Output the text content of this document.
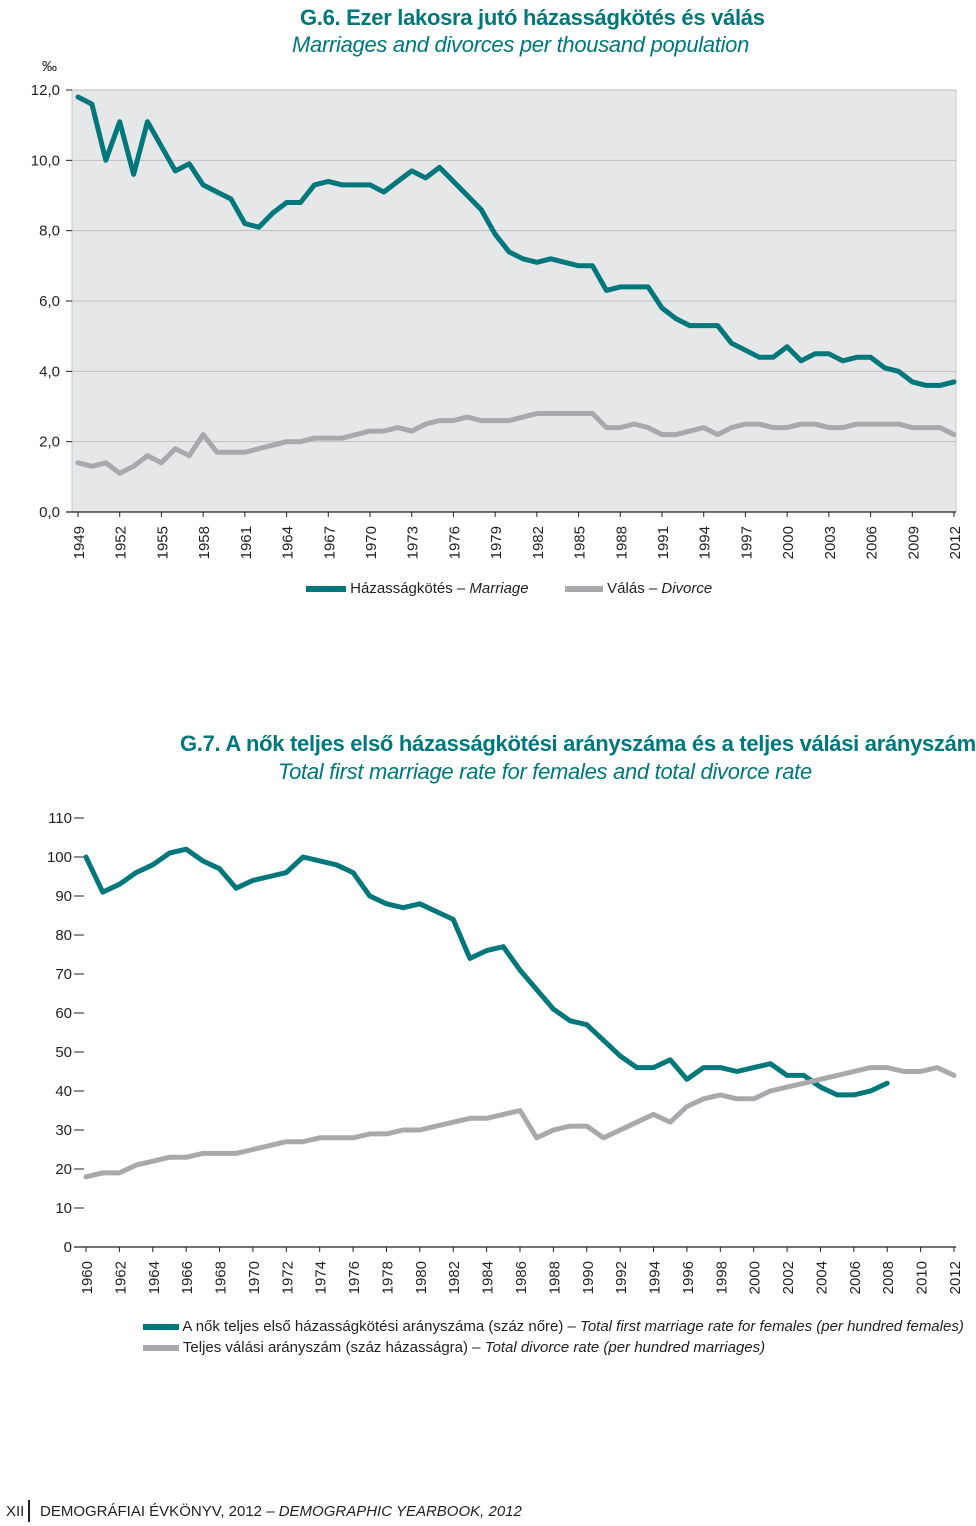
G.6. Ezer lakosra jutó házasságkötés és válás
Marriages and divorces per thousand population
‰
0,0
2,0
4,0
6,0
8,0
10,0
12,0
1949 1952 1955 1958 1961 1964 1967 1970 1973 1976 1979 1982 1985 1988 1991 1994 1997 2000 2003 2006 2009 2012
Házasságkötés – Marriage	Válás – Divorce
G.7. A nők teljes első házasságkötési arányszáma és a teljes válási arányszám
Total first marriage rate for females and total divorce rate
0
10
20
30
40
50
60
70
80
90
100
110
1960 1962 1964 1966 1968 1970 1972 1974 1976 1978 1980 1982 1984 1986 1988 1990 1992 1994 1996 1998 2000 2002 2004 2006 2008 2010 2012
A nők teljes első házasságkötési arányszáma (száz nőre) – Total first marriage rate for females (per hundred females)
Teljes válási arányszám (száz házasságra) – Total divorce rate (per hundred marriages)
XII DEMOGRÁFIAI ÉVKÖNYV, 2012 – DEMOGRAPHIC YEARBOOK, 2012
